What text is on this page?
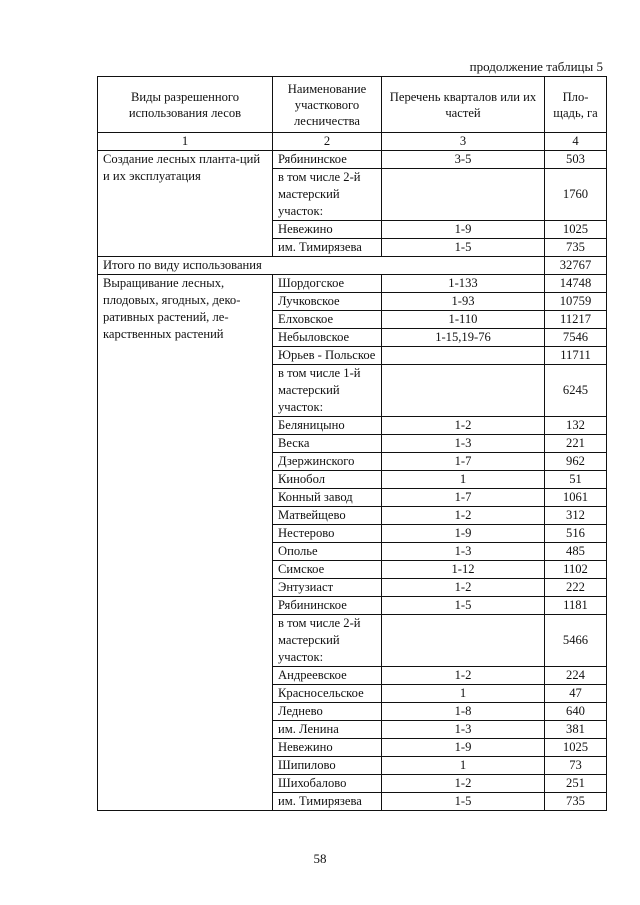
продолжение таблицы 5
Виды разрешенного использования лесов	Наименование участкового лесничества	Перечень кварталов или их частей	Пло-щадь, га
1	2	3	4
Создание лесных планта-ций и их эксплуатация	Рябининское	3-5	503
	в том числе 2-й мастерский участок:		1760
	Невежино	1-9	1025
	им. Тимирязева	1-5	735
Итого по виду использования			32767
Выращивание лесных, плодовых, ягодных, деко-ративных растений, ле-карственных растений	Шордогское	1-133	14748
	Лучковское	1-93	10759
	Елховское	1-110	11217
	Небыловское	1-15,19-76	7546
	Юрьев - Польское		11711
	в том числе 1-й мастерский участок:		6245
	Беляницыно	1-2	132
	Веска	1-3	221
	Дзержинского	1-7	962
	Кинобол	1	51
	Конный завод	1-7	1061
	Матвейщево	1-2	312
	Нестерово	1-9	516
	Ополье	1-3	485
	Симское	1-12	1102
	Энтузиаст	1-2	222
	Рябининское	1-5	1181
	в том числе 2-й мастерский участок:		5466
	Андреевское	1-2	224
	Красносельское	1	47
	Леднево	1-8	640
	им. Ленина	1-3	381
	Невежино	1-9	1025
	Шипилово	1	73
	Шихобалово	1-2	251
	им. Тимирязева	1-5	735
58
